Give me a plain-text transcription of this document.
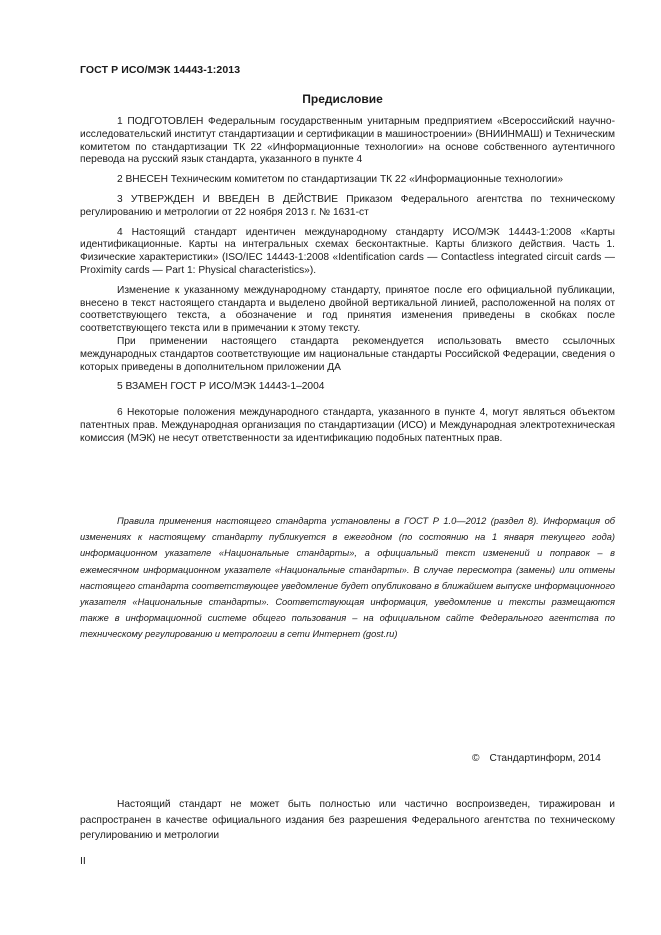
ГОСТ Р ИСО/МЭК 14443-1:2013
Предисловие

1 ПОДГОТОВЛЕН Федеральным государственным унитарным предприятием «Всероссийский научно-исследовательский институт стандартизации и сертификации в машиностроении» (ВНИИНМАШ) и Техническим комитетом по стандартизации ТК 22 «Информационные технологии» на основе собственного аутентичного перевода на русский язык стандарта, указанного в пункте 4

2 ВНЕСЕН Техническим комитетом по стандартизации ТК 22 «Информационные технологии»

3 УТВЕРЖДЕН И ВВЕДЕН В ДЕЙСТВИЕ Приказом Федерального агентства по техническому регулированию и метрологии от 22 ноября 2013 г. № 1631-ст

4 Настоящий стандарт идентичен международному стандарту ИСО/МЭК 14443-1:2008 «Карты идентификационные. Карты на интегральных схемах бесконтактные. Карты близкого действия. Часть 1. Физические характеристики» (ISO/IEC 14443-1:2008 «Identification cards — Contactless integrated circuit cards — Proximity cards — Part 1: Physical characteristics»).

Изменение к указанному международному стандарту, принятое после его официальной публикации, внесено в текст настоящего стандарта и выделено двойной вертикальной линией, расположенной на полях от соответствующего текста, а обозначение и год принятия изменения приведены в скобках после соответствующего текста или в примечании к этому тексту.

При применении настоящего стандарта рекомендуется использовать вместо ссылочных международных стандартов соответствующие им национальные стандарты Российской Федерации, сведения о которых приведены в дополнительном приложении ДА

5 ВЗАМЕН ГОСТ Р ИСО/МЭК 14443-1–2004

6 Некоторые положения международного стандарта, указанного в пункте 4, могут являться объектом патентных прав. Международная организация по стандартизации (ИСО) и Международная электротехническая комиссия (МЭК) не несут ответственности за идентификацию подобных патентных прав.

Правила применения настоящего стандарта установлены в ГОСТ Р 1.0—2012 (раздел 8). Информация об изменениях к настоящему стандарту публикуется в ежегодном (по состоянию на 1 января текущего года) информационном указателе «Национальные стандарты», а официальный текст изменений и поправок – в ежемесячном информационном указателе «Национальные стандарты». В случае пересмотра (замены) или отмены настоящего стандарта соответствующее уведомление будет опубликовано в ближайшем выпуске информационного указателя «Национальные стандарты». Соответствующая информация, уведомление и тексты размещаются также в информационной системе общего пользования – на официальном сайте Федерального агентства по техническому регулированию и метрологии в сети Интернет (gost.ru)
© Стандартинформ, 2014
Настоящий стандарт не может быть полностью или частично воспроизведен, тиражирован и распространен в качестве официального издания без разрешения Федерального агентства по техническому регулированию и метрологии
II
